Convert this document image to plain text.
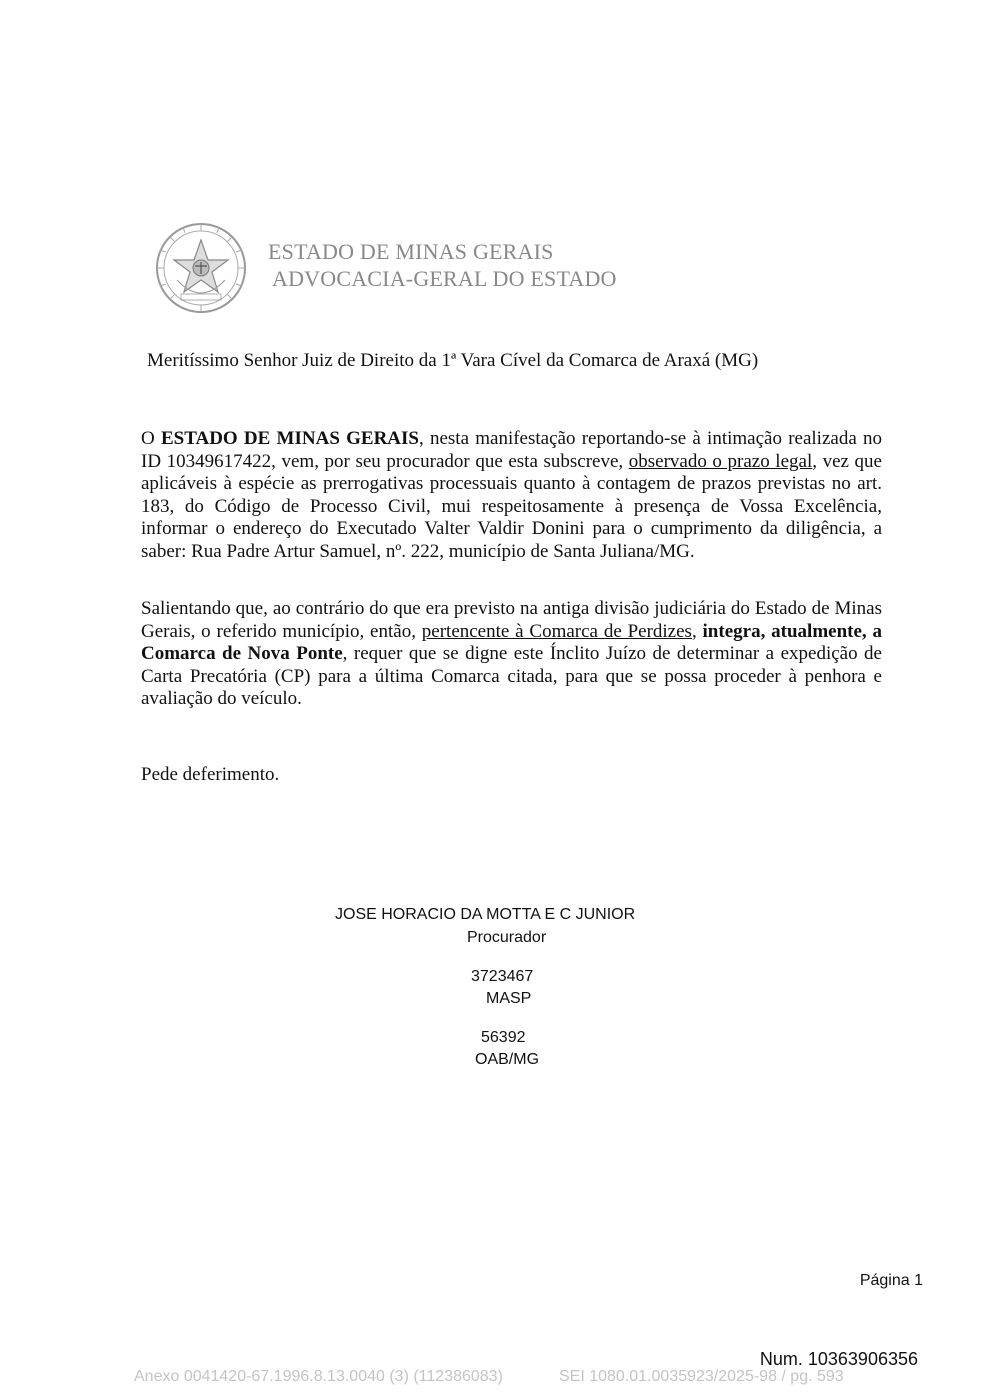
ESTADO DE MINAS GERAIS
ADVOCACIA-GERAL DO ESTADO
Meritíssimo Senhor Juiz de Direito da 1ª Vara Cível da Comarca de Araxá (MG)
O ESTADO DE MINAS GERAIS, nesta manifestação reportando-se à intimação realizada no ID 10349617422, vem, por seu procurador que esta subscreve, observado o prazo legal, vez que aplicáveis à espécie as prerrogativas processuais quanto à contagem de prazos previstas no art. 183, do Código de Processo Civil, mui respeitosamente à presença de Vossa Excelência, informar o endereço do Executado Valter Valdir Donini para o cumprimento da diligência, a saber: Rua Padre Artur Samuel, nº. 222, município de Santa Juliana/MG.
Salientando que, ao contrário do que era previsto na antiga divisão judiciária do Estado de Minas Gerais, o referido município, então, pertencente à Comarca de Perdizes, integra, atualmente, a Comarca de Nova Ponte, requer que se digne este Ínclito Juízo de determinar a expedição de Carta Precatória (CP) para a última Comarca citada, para que se possa proceder à penhora e avaliação do veículo.
Pede deferimento.
JOSE HORACIO DA MOTTA E C JUNIOR
Procurador
3723467
MASP
56392
OAB/MG
Página 1
Num. 10363906356
Anexo 0041420-67.1996.8.13.0040 (3) (112386083)	SEI 1080.01.0035923/2025-98 / pg. 593
